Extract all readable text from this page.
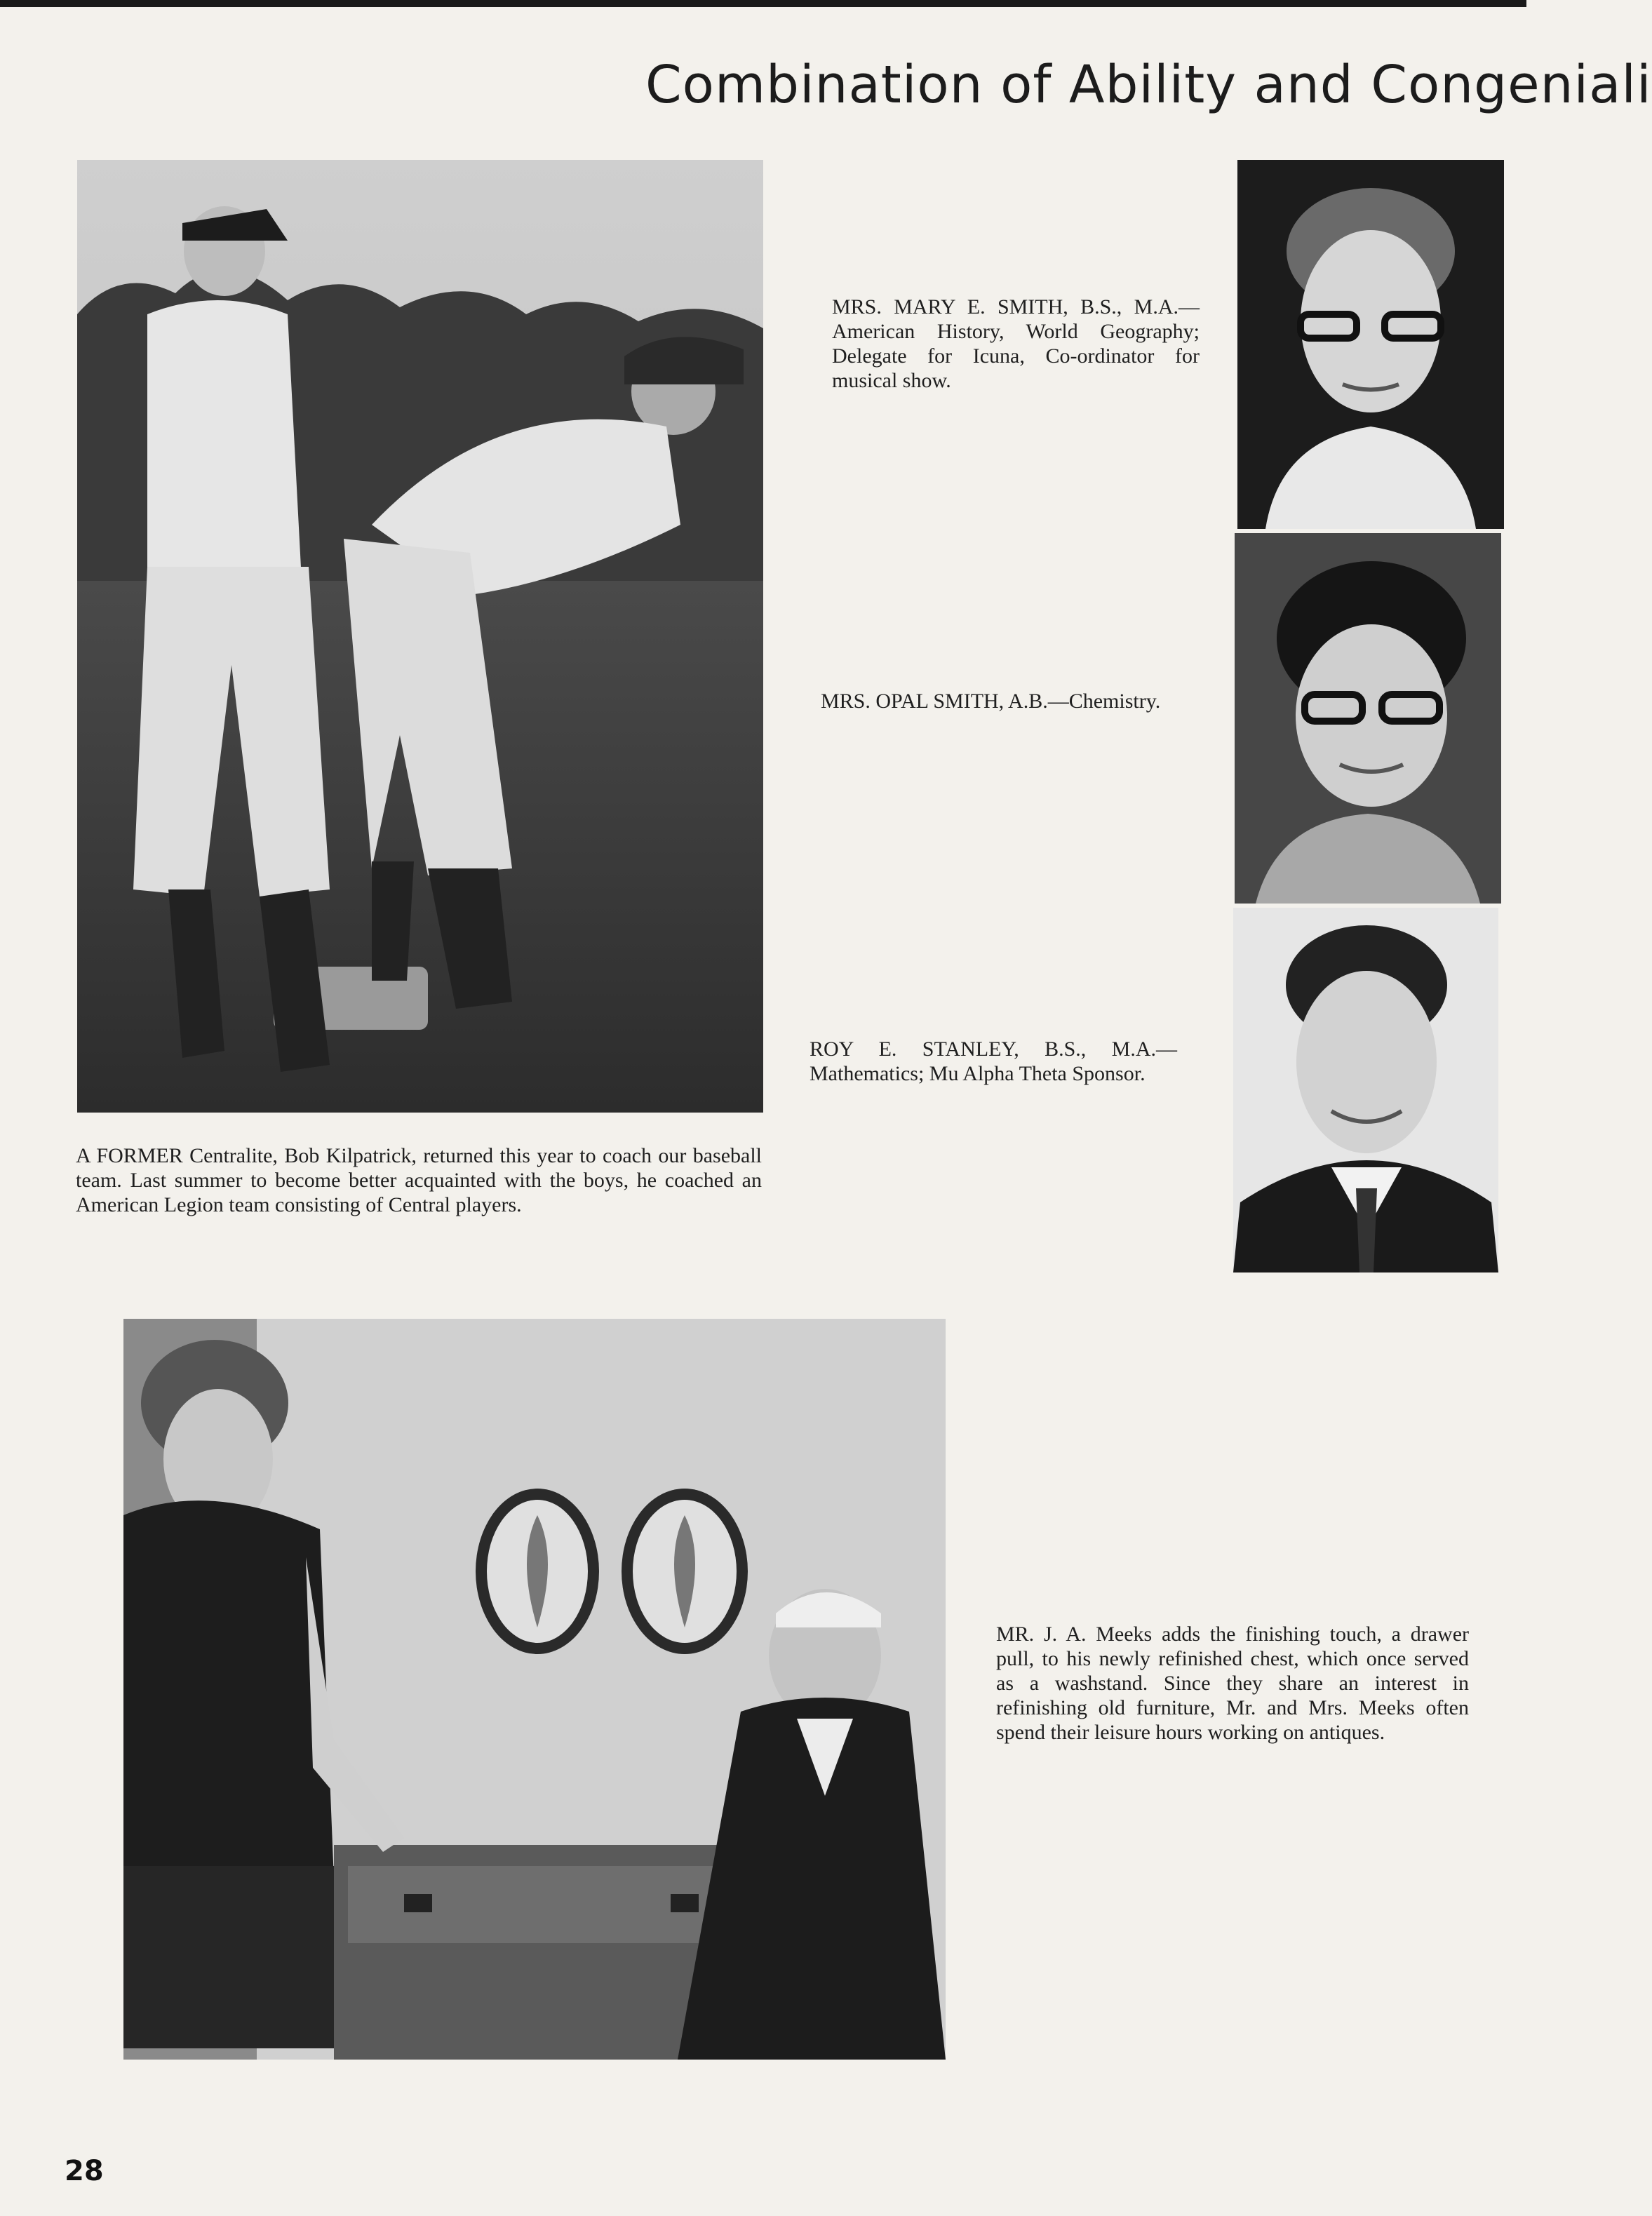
Combination of Ability and Congeniali
MRS. MARY E. SMITH, B.S., M.A.—American History, World Geography; Delegate for Icuna, Co-ordinator for musical show.
MRS. OPAL SMITH, A.B.—Chemistry.
ROY E. STANLEY, B.S., M.A.—Mathematics; Mu Alpha Theta Sponsor.
A FORMER Centralite, Bob Kilpatrick, returned this year to coach our baseball team. Last summer to become better acquainted with the boys, he coached an American Legion team consisting of Central players.
MR. J. A. Meeks adds the finishing touch, a drawer pull, to his newly refinished chest, which once served as a washstand. Since they share an interest in refinishing old furniture, Mr. and Mrs. Meeks often spend their leisure hours working on antiques.
28
